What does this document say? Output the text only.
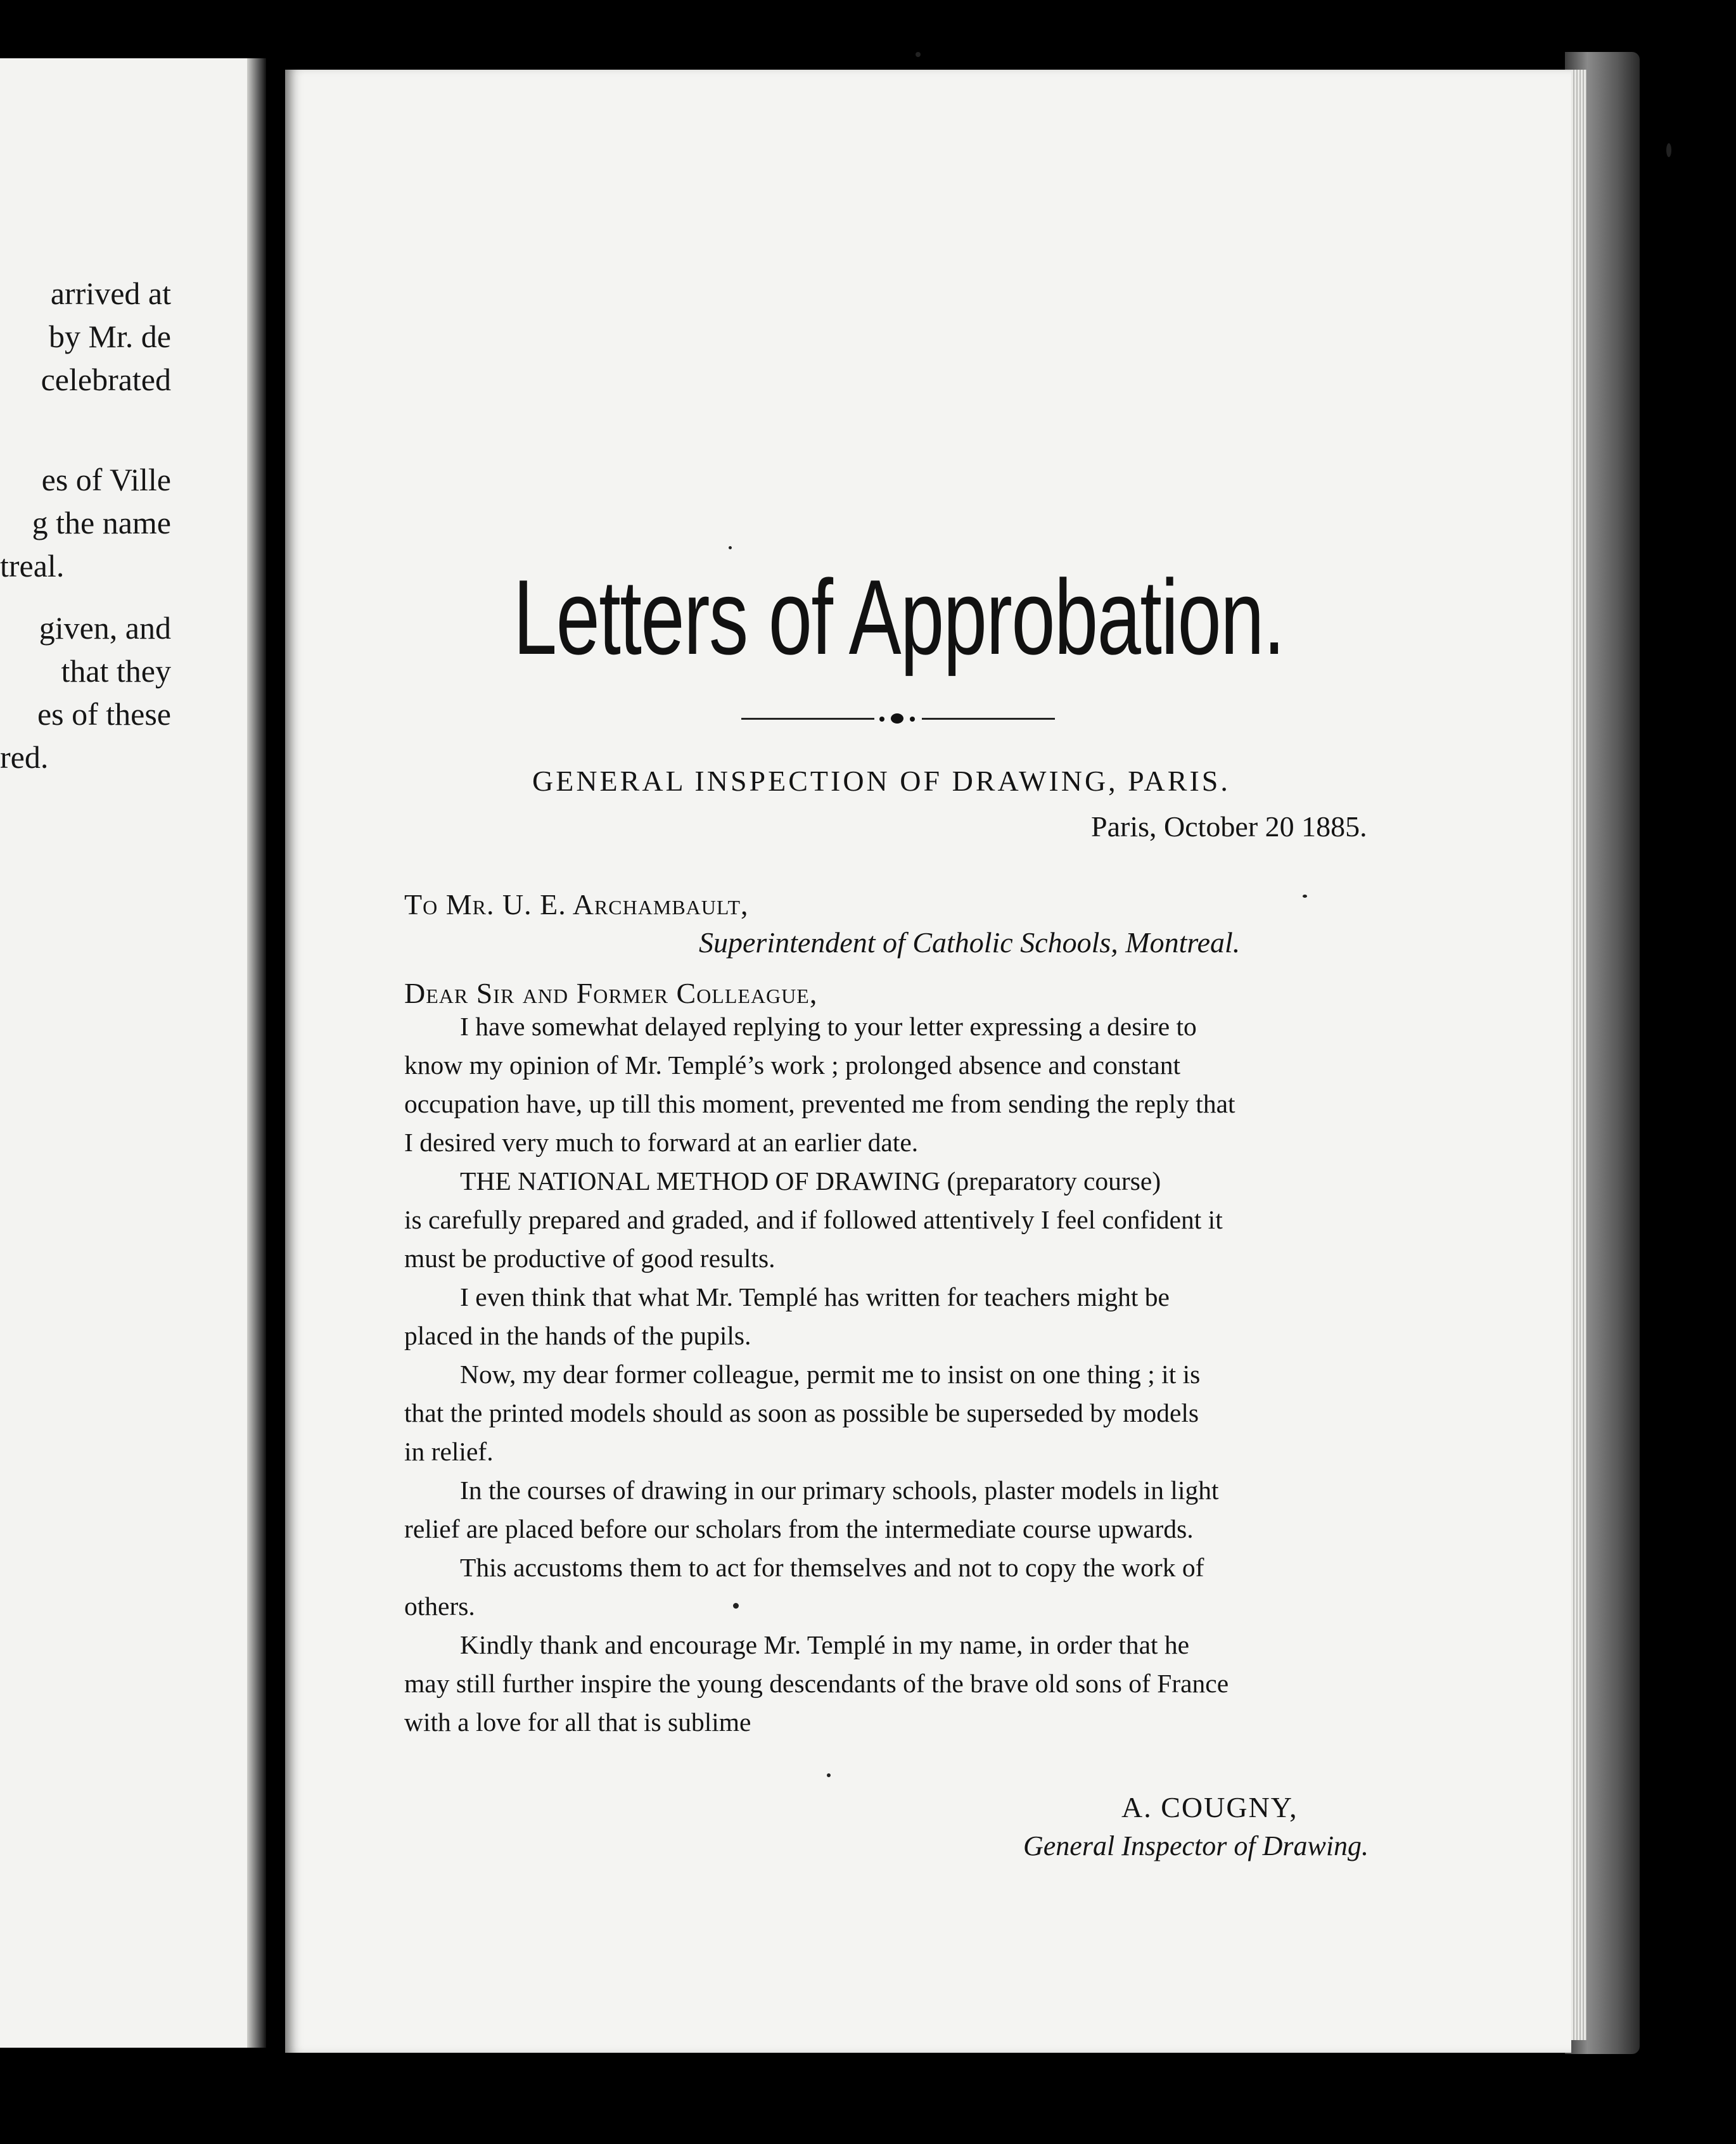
arrived at
by Mr. de
celebrated
es of Ville
g the name
treal.
given, and
that they
es of these
red.
Letters of Approbation.
GENERAL INSPECTION OF DRAWING, PARIS.
Paris, October 20 1885.
To Mr. U. E. Archambault,
Superintendent of Catholic Schools, Montreal.
Dear Sir and Former Colleague,
I have somewhat delayed replying to your letter expressing a desire to
know my opinion of Mr. Templé’s work ; prolonged absence and constant
occupation have, up till this moment, prevented me from sending the reply that
I desired very much to forward at an earlier date.
THE NATIONAL METHOD OF DRAWING (preparatory course)
is carefully prepared and graded, and if followed attentively I feel confident it
must be productive of good results.
I even think that what Mr. Templé has written for teachers might be
placed in the hands of the pupils.
Now, my dear former colleague, permit me to insist on one thing ; it is
that the printed models should as soon as possible be superseded by models
in relief.
In the courses of drawing in our primary schools, plaster models in light
relief are placed before our scholars from the intermediate course upwards.
This accustoms them to act for themselves and not to copy the work of
others.
Kindly thank and encourage Mr. Templé in my name, in order that he
may still further inspire the young descendants of the brave old sons of France
with a love for all that is sublime
A. COUGNY,
General Inspector of Drawing.
